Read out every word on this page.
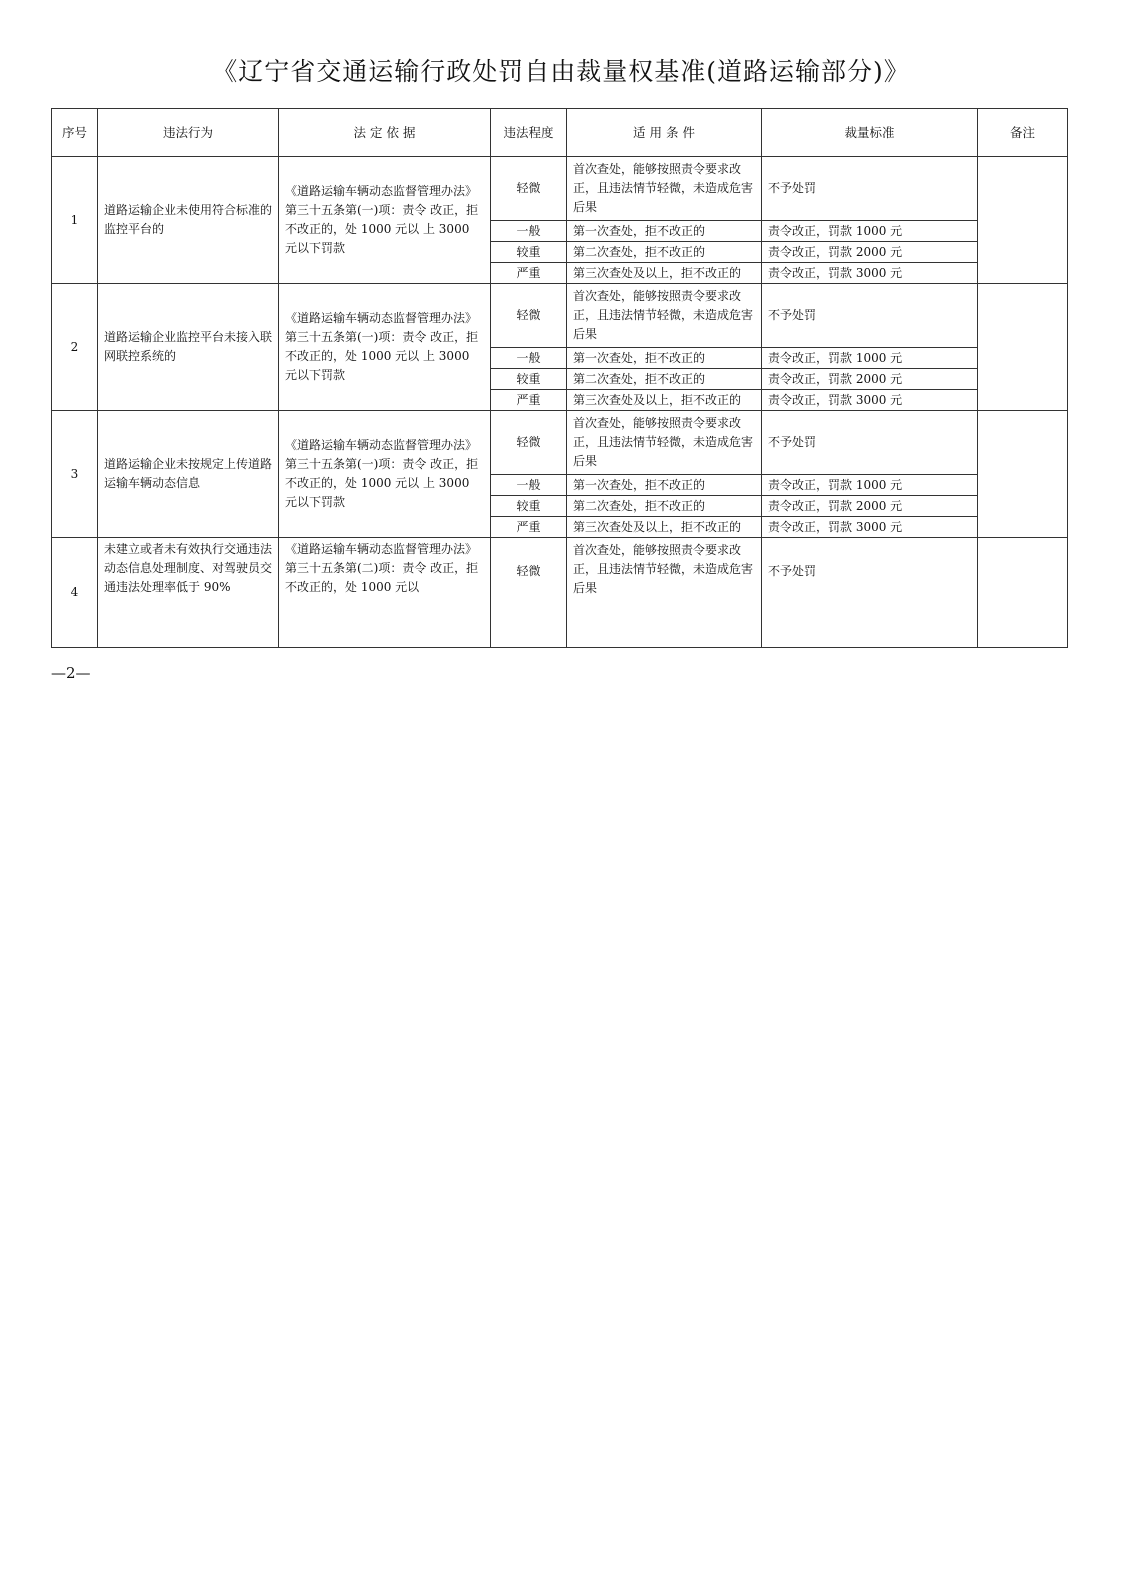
《辽宁省交通运输行政处罚自由裁量权基准(道路运输部分)》
序号	违法行为	法 定 依 据	违法程度	适 用 条 件	裁量标准	备注
1	道路运输企业未使用符合标准的监控平台的	《道路运输车辆动态监督管理办法》第三十五条第(一)项：责令 改正，拒不改正的，处 1000 元以 上 3000 元以下罚款	轻微	首次查处，能够按照责令要求改正，且违法情节轻微，未造成危害后果	不予处罚	
			一般	第一次查处，拒不改正的	责令改正，罚款 1000 元	
			较重	第二次查处，拒不改正的	责令改正，罚款 2000 元	
			严重	第三次查处及以上，拒不改正的	责令改正，罚款 3000 元	
2	道路运输企业监控平台未接入联网联控系统的	《道路运输车辆动态监督管理办法》第三十五条第(一)项：责令 改正，拒不改正的，处 1000 元以 上 3000 元以下罚款	轻微	首次查处，能够按照责令要求改正，且违法情节轻微，未造成危害后果	不予处罚	
			一般	第一次查处，拒不改正的	责令改正，罚款 1000 元	
			较重	第二次查处，拒不改正的	责令改正，罚款 2000 元	
			严重	第三次查处及以上，拒不改正的	责令改正，罚款 3000 元	
3	道路运输企业未按规定上传道路运输车辆动态信息	《道路运输车辆动态监督管理办法》第三十五条第(一)项：责令 改正，拒不改正的，处 1000 元以 上 3000 元以下罚款	轻微	首次查处，能够按照责令要求改正，且违法情节轻微，未造成危害后果	不予处罚	
			一般	第一次查处，拒不改正的	责令改正，罚款 1000 元	
			较重	第二次查处，拒不改正的	责令改正，罚款 2000 元	
			严重	第三次查处及以上，拒不改正的	责令改正，罚款 3000 元	
4	未建立或者未有效执行交通违法动态信息处理制度、对驾驶员交通违法处理率低于 90%	《道路运输车辆动态监督管理办法》第三十五条第(二)项：责令 改正，拒不改正的，处 1000 元以	轻微	首次查处，能够按照责令要求改正，且违法情节轻微，未造成危害后果	不予处罚	
—2—
